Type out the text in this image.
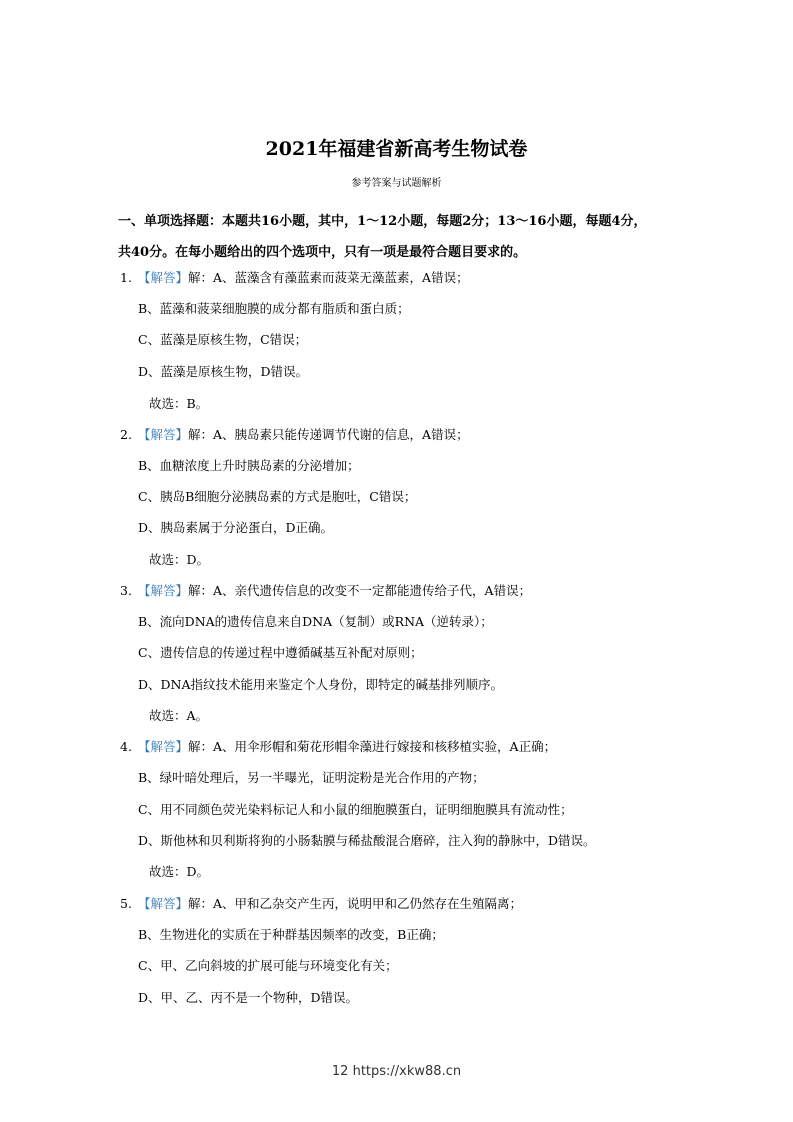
2021年福建省新高考生物试卷
参考答案与试题解析
一、单项选择题：本题共16小题，其中，1～12小题，每题2分；13～16小题，每题4分，
共40分。在每小题给出的四个选项中，只有一项是最符合题目要求的。
1. 【解答】解：A、蓝藻含有藻蓝素而菠菜无藻蓝素，A错误；
B、蓝藻和菠菜细胞膜的成分都有脂质和蛋白质；
C、蓝藻是原核生物，C错误；
D、蓝藻是原核生物，D错误。
故选：B。
2. 【解答】解：A、胰岛素只能传递调节代谢的信息，A错误；
B、血糖浓度上升时胰岛素的分泌增加；
C、胰岛B细胞分泌胰岛素的方式是胞吐，C错误；
D、胰岛素属于分泌蛋白，D正确。
故选：D。
3. 【解答】解：A、亲代遗传信息的改变不一定都能遗传给子代，A错误；
B、流向DNA的遗传信息来自DNA（复制）或RNA（逆转录）；
C、遗传信息的传递过程中遵循碱基互补配对原则；
D、DNA指纹技术能用来鉴定个人身份，即特定的碱基排列顺序。
故选：A。
4. 【解答】解：A、用伞形帽和菊花形帽伞藻进行嫁接和核移植实验，A正确；
B、绿叶暗处理后，另一半曝光，证明淀粉是光合作用的产物；
C、用不同颜色荧光染料标记人和小鼠的细胞膜蛋白，证明细胞膜具有流动性；
D、斯他林和贝利斯将狗的小肠黏膜与稀盐酸混合磨碎，注入狗的静脉中，D错误。
故选：D。
5. 【解答】解：A、甲和乙杂交产生丙，说明甲和乙仍然存在生殖隔离；
B、生物进化的实质在于种群基因频率的改变，B正确；
C、甲、乙向斜坡的扩展可能与环境变化有关；
D、甲、乙、丙不是一个物种，D错误。
12 https://xkw88.cn
